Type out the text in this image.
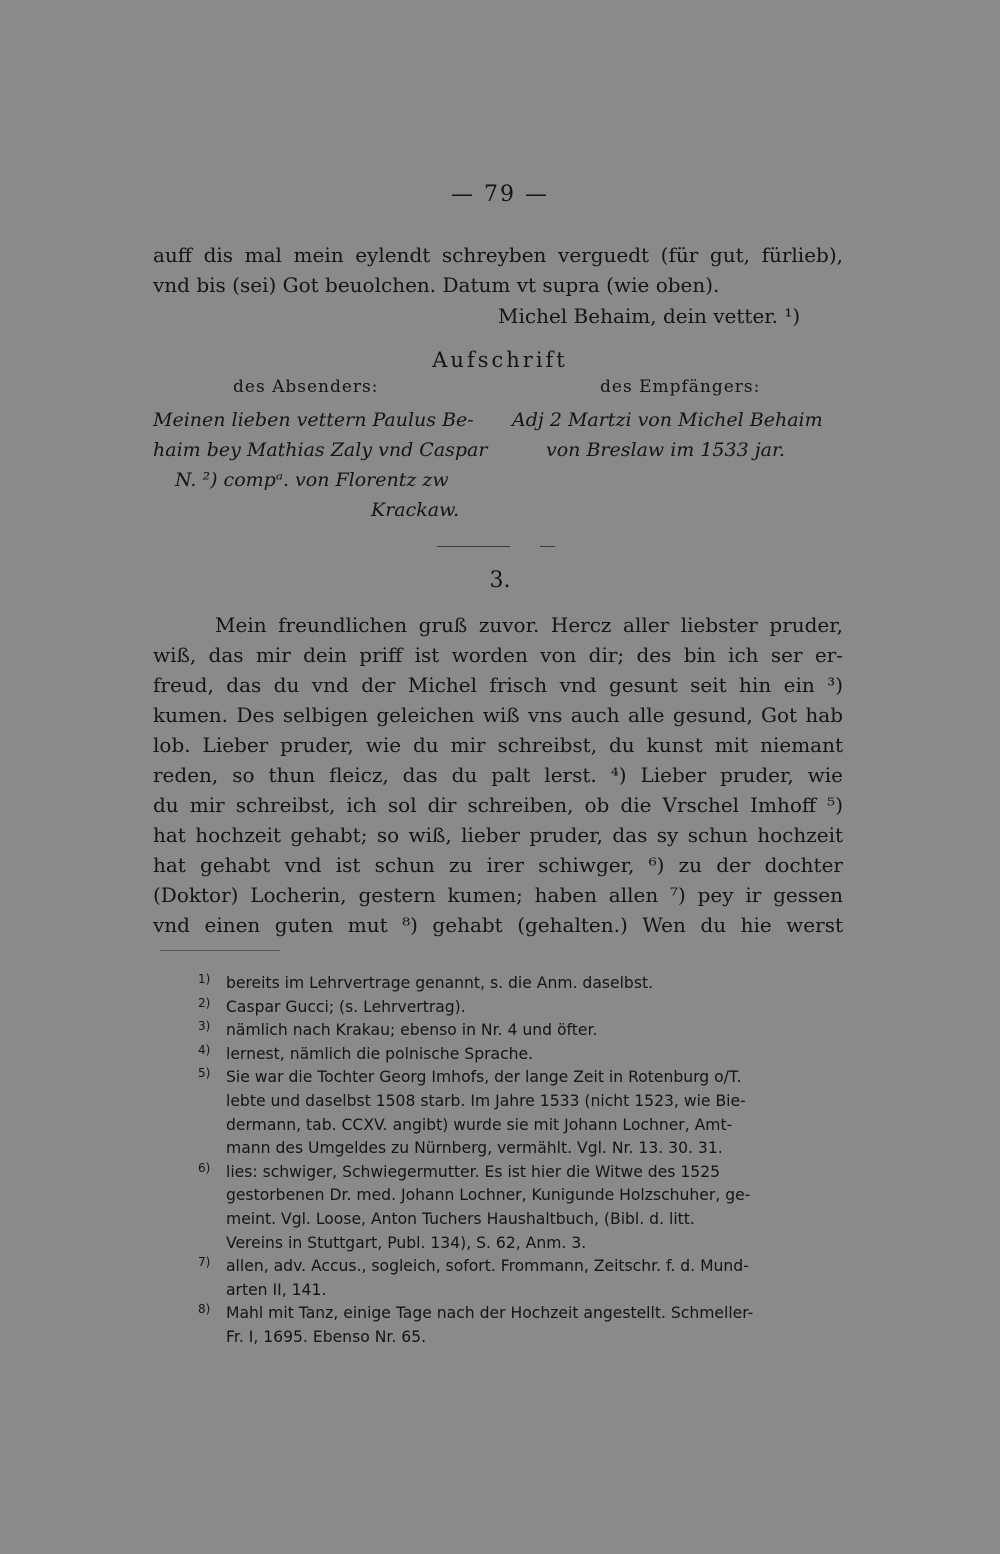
— 79 —
auff dis mal mein eylendt schreyben verguedt (für gut, fürlieb),
vnd bis (sei) Got beuolchen. Datum vt supra (wie oben).
Michel Behaim, dein vetter. ¹)
Aufschrift
des Absenders:	des Empfängers:
Meinen lieben vettern Paulus Be-
haim bey Mathias Zaly vnd Caspar
N. ²) compᵃ. von Florentz zw
Krackaw.
Adj 2 Martzi von Michel Behaim
von Breslaw im 1533 jar.
3.
Mein freundlichen gruß zuvor. Hercz aller liebster pruder,
wiß, das mir dein priff ist worden von dir; des bin ich ser er-
freud, das du vnd der Michel frisch vnd gesunt seit hin ein ³)
kumen. Des selbigen geleichen wiß vns auch alle gesund, Got hab
lob. Lieber pruder, wie du mir schreibst, du kunst mit niemant
reden, so thun fleicz, das du palt lerst. ⁴) Lieber pruder, wie
du mir schreibst, ich sol dir schreiben, ob die Vrschel Imhoff ⁵)
hat hochzeit gehabt; so wiß, lieber pruder, das sy schun hochzeit
hat gehabt vnd ist schun zu irer schiwger, ⁶) zu der dochter
(Doktor) Locherin, gestern kumen; haben allen ⁷) pey ir gessen
vnd einen guten mut ⁸) gehabt (gehalten.) Wen du hie werst
1) bereits im Lehrvertrage genannt, s. die Anm. daselbst.
2) Caspar Gucci; (s. Lehrvertrag).
3) nämlich nach Krakau; ebenso in Nr. 4 und öfter.
4) lernest, nämlich die polnische Sprache.
5) Sie war die Tochter Georg Imhofs, der lange Zeit in Rotenburg o/T.
lebte und daselbst 1508 starb. Im Jahre 1533 (nicht 1523, wie Bie-
dermann, tab. CCXV. angibt) wurde sie mit Johann Lochner, Amt-
mann des Umgeldes zu Nürnberg, vermählt. Vgl. Nr. 13. 30. 31.
6) lies: schwiger, Schwiegermutter. Es ist hier die Witwe des 1525
gestorbenen Dr. med. Johann Lochner, Kunigunde Holzschuher, ge-
meint. Vgl. Loose, Anton Tuchers Haushaltbuch, (Bibl. d. litt.
Vereins in Stuttgart, Publ. 134), S. 62, Anm. 3.
7) allen, adv. Accus., sogleich, sofort. Frommann, Zeitschr. f. d. Mund-
arten II, 141.
8) Mahl mit Tanz, einige Tage nach der Hochzeit angestellt. Schmeller-
Fr. I, 1695. Ebenso Nr. 65.
